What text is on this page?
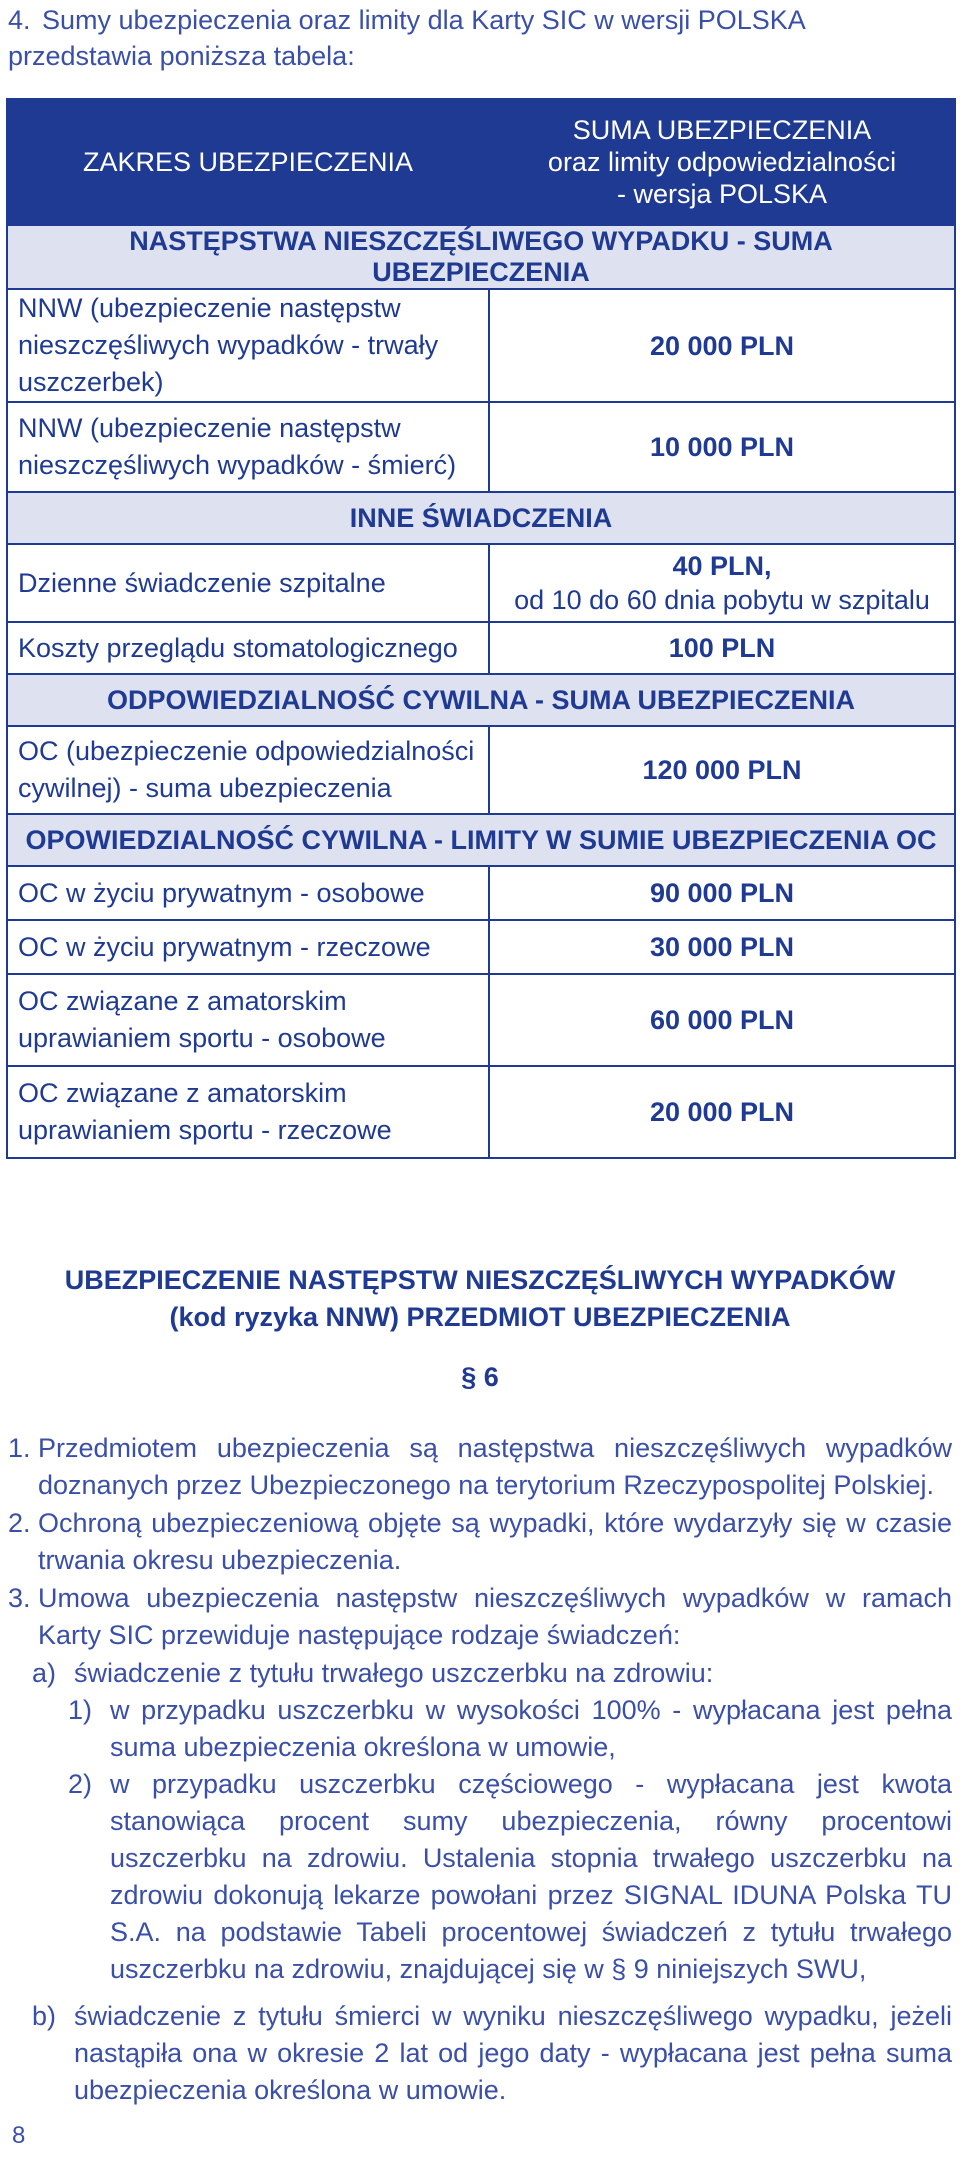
4. Sumy ubezpieczenia oraz limity dla Karty SIC w wersji POLSKA przedstawia poniższa tabela:
ZAKRES UBEZPIECZENIA	SUMA UBEZPIECZENIA
oraz limity odpowiedzialności
- wersja POLSKA

NASTĘPSTWA NIESZCZĘŚLIWEGO WYPADKU - SUMA UBEZPIECZENIA	
NNW (ubezpieczenie następstw nieszczęśliwych wypadków - trwały uszczerbek)	20 000 PLN
NNW (ubezpieczenie następstw nieszczęśliwych wypadków - śmierć)	10 000 PLN
INNE ŚWIADCZENIA	
Dzienne świadczenie szpitalne	40 PLN,
od 10 do 60 dnia pobytu w szpitalu

Koszty przeglądu stomatologicznego	100 PLN
ODPOWIEDZIALNOŚĆ CYWILNA - SUMA UBEZPIECZENIA	
OC (ubezpieczenie odpowiedzialności cywilnej) - suma ubezpieczenia	120 000 PLN
OPOWIEDZIALNOŚĆ CYWILNA - LIMITY W SUMIE UBEZPIECZENIA OC	
OC w życiu prywatnym - osobowe	90 000 PLN
OC w życiu prywatnym - rzeczowe	30 000 PLN
OC związane z amatorskim uprawianiem sportu - osobowe	60 000 PLN
OC związane z amatorskim uprawianiem sportu - rzeczowe	20 000 PLN
UBEZPIECZENIE NASTĘPSTW NIESZCZĘŚLIWYCH WYPADKÓW
(kod ryzyka NNW) PRZEDMIOT UBEZPIECZENIA
§ 6
1. Przedmiotem ubezpieczenia są następstwa nieszczęśliwych wypadków doznanych przez Ubezpieczonego na terytorium Rzeczypospolitej Polskiej.
2. Ochroną ubezpieczeniową objęte są wypadki, które wydarzyły się w czasie trwania okresu ubezpieczenia.
3. Umowa ubezpieczenia następstw nieszczęśliwych wypadków w ramach Karty SIC przewiduje następujące rodzaje świadczeń:
a) świadczenie z tytułu trwałego uszczerbku na zdrowiu:
1) w przypadku uszczerbku w wysokości 100% - wypłacana jest pełna suma ubezpieczenia określona w umowie,
2) w przypadku uszczerbku częściowego - wypłacana jest kwota stanowiąca procent sumy ubezpieczenia, równy procentowi uszczerbku na zdrowiu. Ustalenia stopnia trwałego uszczerbku na zdrowiu dokonują lekarze powołani przez SIGNAL IDUNA Polska TU S.A. na podstawie Tabeli procentowej świadczeń z tytułu trwałego uszczerbku na zdrowiu, znajdującej się w § 9 niniejszych SWU,
b) świadczenie z tytułu śmierci w wyniku nieszczęśliwego wypadku, jeżeli nastąpiła ona w okresie 2 lat od jego daty - wypłacana jest pełna suma ubezpieczenia określona w umowie.
8
